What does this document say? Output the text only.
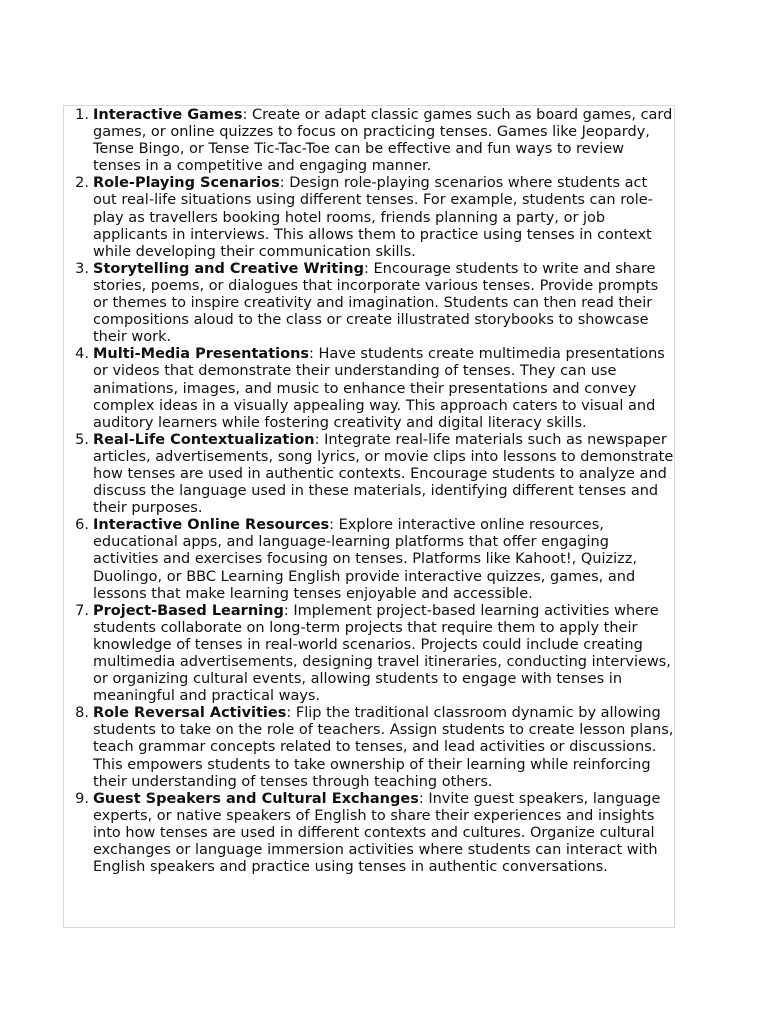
1. Interactive Games: Create or adapt classic games such as board games, card games, or online quizzes to focus on practicing tenses. Games like Jeopardy, Tense Bingo, or Tense Tic-Tac-Toe can be effective and fun ways to review tenses in a competitive and engaging manner.
2. Role-Playing Scenarios: Design role-playing scenarios where students act out real-life situations using different tenses. For example, students can role-play as travellers booking hotel rooms, friends planning a party, or job applicants in interviews. This allows them to practice using tenses in context while developing their communication skills.
3. Storytelling and Creative Writing: Encourage students to write and share stories, poems, or dialogues that incorporate various tenses. Provide prompts or themes to inspire creativity and imagination. Students can then read their compositions aloud to the class or create illustrated storybooks to showcase their work.
4. Multi-Media Presentations: Have students create multimedia presentations or videos that demonstrate their understanding of tenses. They can use animations, images, and music to enhance their presentations and convey complex ideas in a visually appealing way. This approach caters to visual and auditory learners while fostering creativity and digital literacy skills.
5. Real-Life Contextualization: Integrate real-life materials such as newspaper articles, advertisements, song lyrics, or movie clips into lessons to demonstrate how tenses are used in authentic contexts. Encourage students to analyze and discuss the language used in these materials, identifying different tenses and their purposes.
6. Interactive Online Resources: Explore interactive online resources, educational apps, and language-learning platforms that offer engaging activities and exercises focusing on tenses. Platforms like Kahoot!, Quizizz, Duolingo, or BBC Learning English provide interactive quizzes, games, and lessons that make learning tenses enjoyable and accessible.
7. Project-Based Learning: Implement project-based learning activities where students collaborate on long-term projects that require them to apply their knowledge of tenses in real-world scenarios. Projects could include creating multimedia advertisements, designing travel itineraries, conducting interviews, or organizing cultural events, allowing students to engage with tenses in meaningful and practical ways.
8. Role Reversal Activities: Flip the traditional classroom dynamic by allowing students to take on the role of teachers. Assign students to create lesson plans, teach grammar concepts related to tenses, and lead activities or discussions. This empowers students to take ownership of their learning while reinforcing their understanding of tenses through teaching others.
9. Guest Speakers and Cultural Exchanges: Invite guest speakers, language experts, or native speakers of English to share their experiences and insights into how tenses are used in different contexts and cultures. Organize cultural exchanges or language immersion activities where students can interact with English speakers and practice using tenses in authentic conversations.
